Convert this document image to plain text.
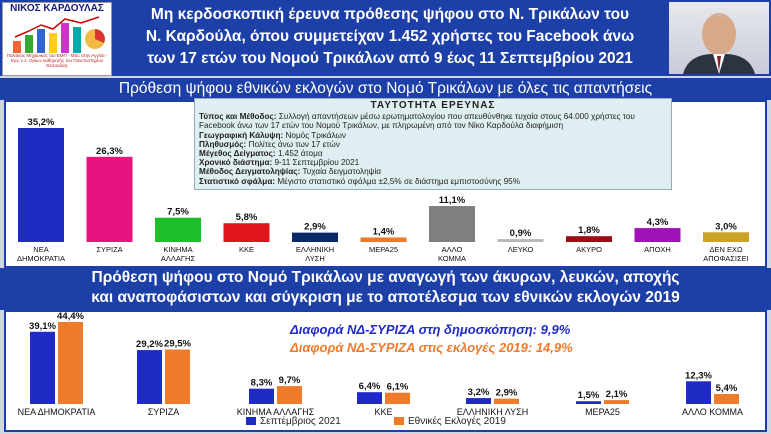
ΝΙΚΟΣ ΚΑΡΔΟΥΛΑΣ
Πολιτικός Μηχανικός του ΕΜΠ - MSc στην Αγγλία - Εργ. ε.ε. Ορίων καθηγητής του Πανεπιστημίου Θεσσαλίας
Μη κερδοσκοπική έρευνα πρόθεσης ψήφου στο Ν. Τρικάλων του
Ν. Καρδούλα, όπου συμμετείχαν 1.452 χρήστες του Facebook άνω
των 17 ετών του Νομού Τρικάλων από 9 έως 11 Σεπτεμβρίου 2021
Πρόθεση ψήφου εθνικών εκλογών στο Νομό Τρικάλων με όλες τις απαντήσεις
ΤΑΥΤΟΤΗΤΑ ΕΡΕΥΝΑΣ
Τύπος και Μέθοδος: Συλλογή απαντήσεων μέσω ερωτηματολογίου που απευθύνθηκε τυχαία στους 64.000 χρήστες του Facebook άνω των 17 ετών του Νομού Τρικάλων, με πληρωμένη από τον Νίκο Καρδούλα διαφήμιση
Γεωγραφική Κάλυψη: Νομός Τρικάλων
Πληθυσμός: Πολίτες άνω των 17 ετών
Μέγεθος Δείγματος: 1.452 άτομα
Χρονικό διάστημα: 9-11 Σεπτεμβρίου 2021
Μέθοδος Δειγματοληψίας: Τυχαία δειγματοληψία
Στατιστικό σφάλμα: Μέγιστο στατιστικό σφάλμα ±2,5% σε διάστημα εμπιστοσύνης 95%
35,2%
ΝΕΑ
ΔΗΜΟΚΡΑΤΙΑ
26,3%
ΣΥΡΙΖΑ
7,5%
ΚΙΝΗΜΑ
ΑΛΛΑΓΗΣ
5,8%
ΚΚΕ
2,9%
ΕΛΛΗΝΙΚΗ
ΛΥΣΗ
1,4%
ΜΕΡΑ25
11,1%
ΑΛΛΟ
ΚΟΜΜΑ
0,9%
ΛΕΥΚΟ
1,8%
ΑΚΥΡΟ
4,3%
ΑΠΟΧΗ
3,0%
ΔΕΝ ΕΧΩ
ΑΠΟΦΑΣΙΣΕΙ
Πρόθεση ψήφου στο Νομό Τρικάλων με αναγωγή των άκυρων, λευκών, αποχής
και αναποφάσιστων και σύγκριση με το αποτέλεσμα των εθνικών εκλογών 2019
Διαφορά ΝΔ-ΣΥΡΙΖΑ στη δημοσκόπηση: 9,9%
Διαφορά ΝΔ-ΣΥΡΙΖΑ στις εκλογές 2019: 14,9%
39,1%
44,4%
ΝΕΑ ΔΗΜΟΚΡΑΤΙΑ
29,2% 29,5%
ΣΥΡΙΖΑ
8,3% 9,7%
ΚΙΝΗΜΑ ΑΛΛΑΓΗΣ
6,4% 6,1%
ΚΚΕ
3,2% 2,9%
ΕΛΛΗΝΙΚΗ ΛΥΣΗ
1,5% 2,1%
ΜΕΡΑ25
12,3%
5,4%
ΑΛΛΟ ΚΟΜΜΑ
Σεπτέμβριος 2021	Εθνικές Εκλογές 2019
